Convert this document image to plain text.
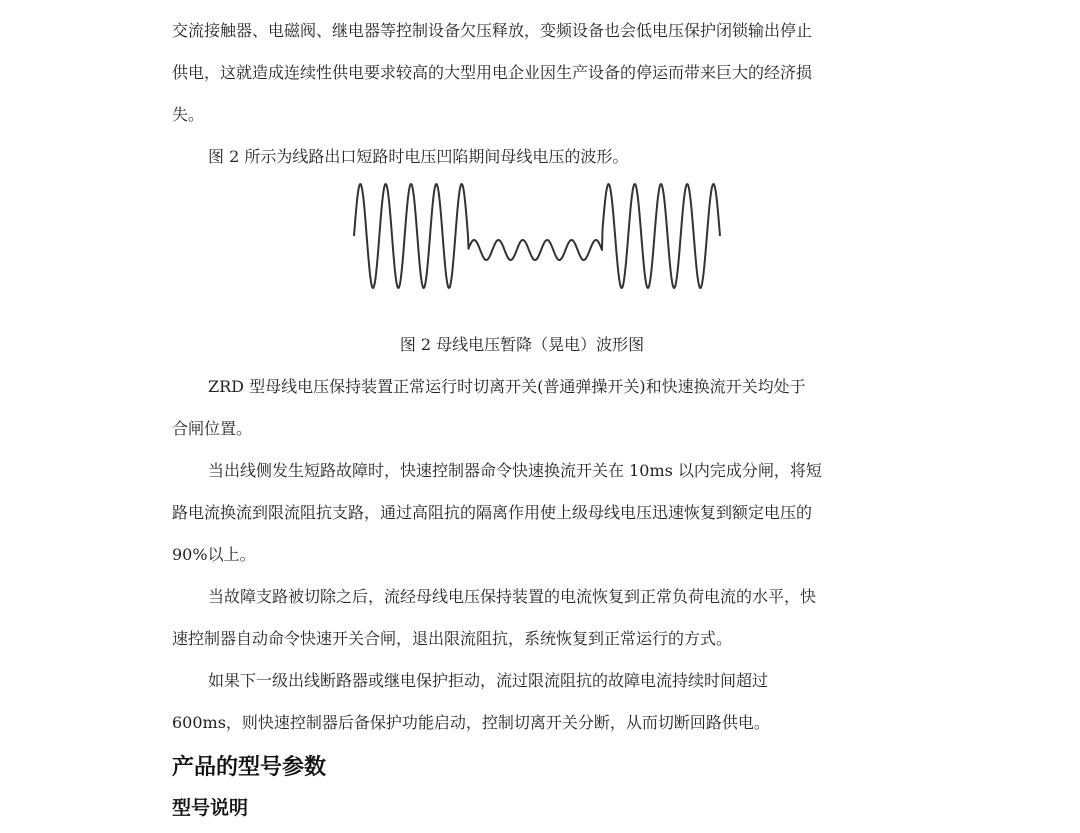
交流接触器、电磁阀、继电器等控制设备欠压释放，变频设备也会低电压保护闭锁输出停止
供电，这就造成连续性供电要求较高的大型用电企业因生产设备的停运而带来巨大的经济损
失。
图 2 所示为线路出口短路时电压凹陷期间母线电压的波形。
图 2 母线电压暂降（晃电）波形图
ZRD 型母线电压保持装置正常运行时切离开关(普通弹操开关)和快速换流开关均处于
合闸位置。
当出线侧发生短路故障时，快速控制器命令快速换流开关在 10ms 以内完成分闸，将短
路电流换流到限流阻抗支路，通过高阻抗的隔离作用使上级母线电压迅速恢复到额定电压的
90%以上。
当故障支路被切除之后，流经母线电压保持装置的电流恢复到正常负荷电流的水平，快
速控制器自动命令快速开关合闸，退出限流阻抗，系统恢复到正常运行的方式。
如果下一级出线断路器或继电保护拒动，流过限流阻抗的故障电流持续时间超过
600ms，则快速控制器后备保护功能启动，控制切离开关分断，从而切断回路供电。
产品的型号参数
型号说明
